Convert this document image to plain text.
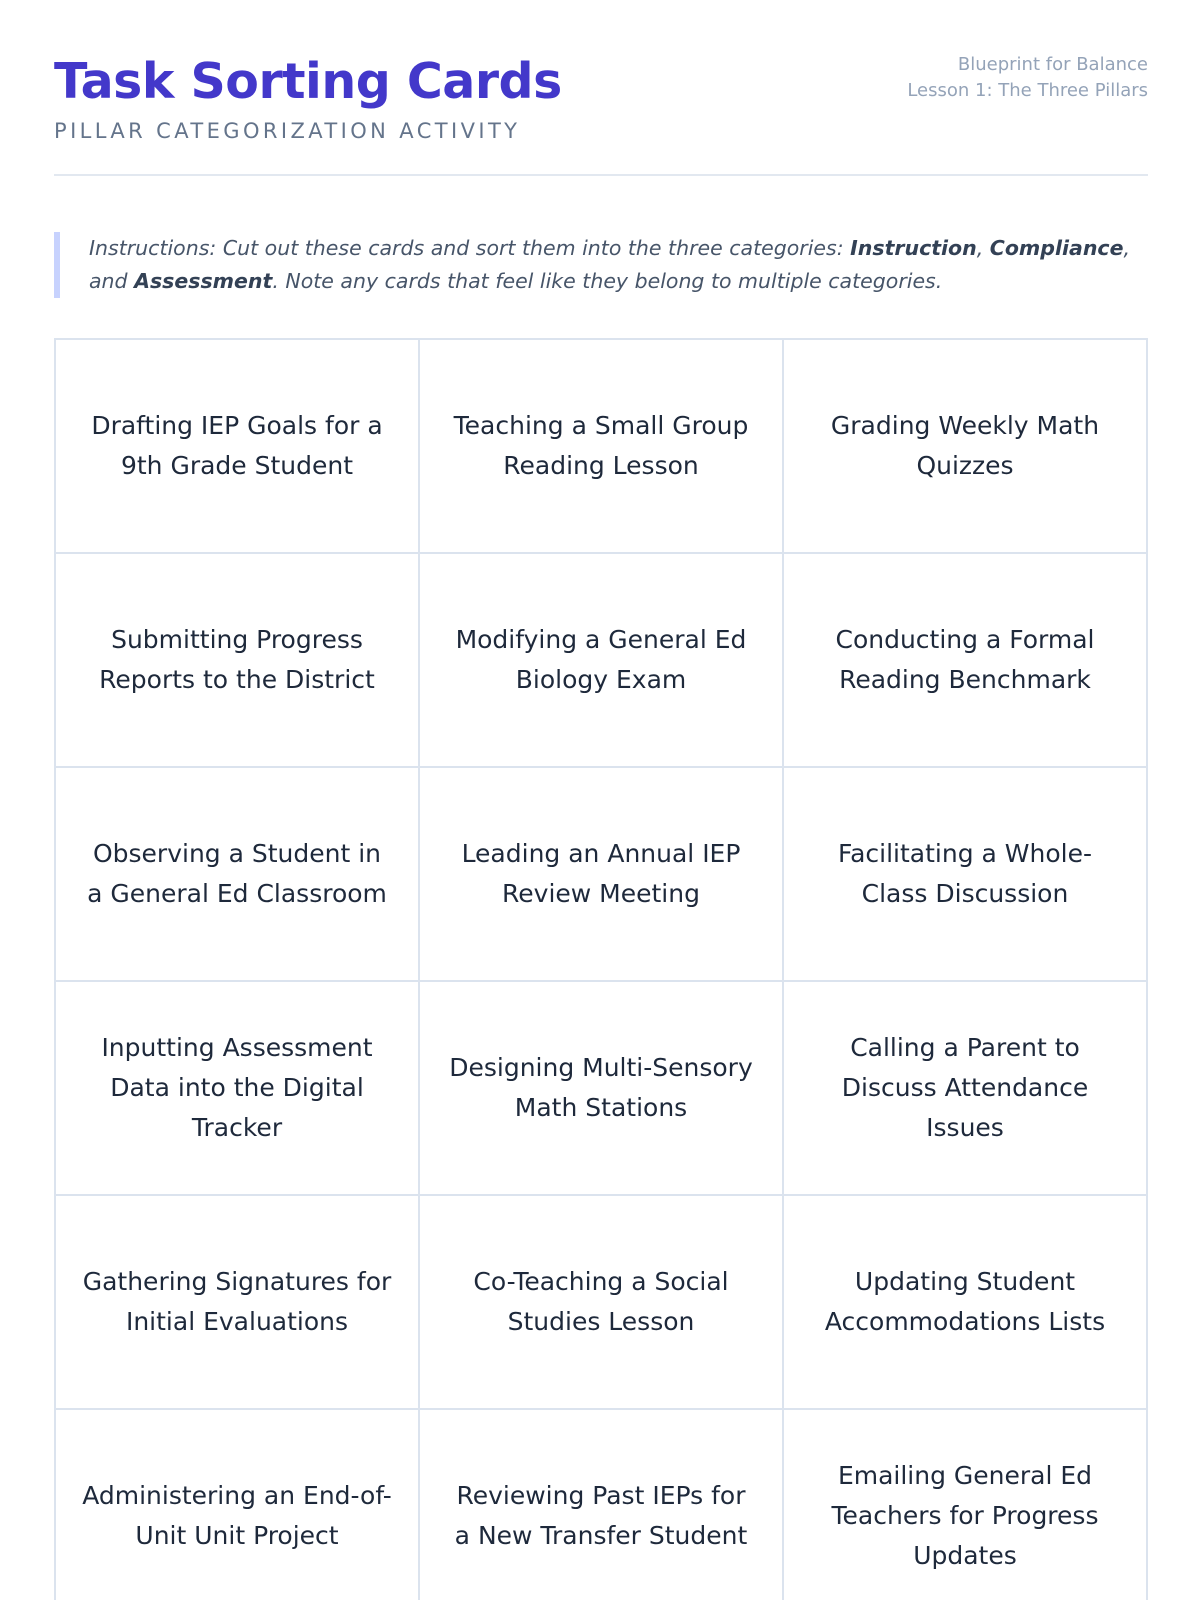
Task Sorting Cards
PILLAR CATEGORIZATION ACTIVITY
Blueprint for Balance
Lesson 1: The Three Pillars
Instructions: Cut out these cards and sort them into the three categories: Instruction, Compliance, and Assessment. Note any cards that feel like they belong to multiple categories.
Drafting IEP Goals for a 9th Grade Student
Teaching a Small Group Reading Lesson
Grading Weekly Math Quizzes
Submitting Progress Reports to the District
Modifying a General Ed Biology Exam
Conducting a Formal Reading Benchmark
Observing a Student in a General Ed Classroom
Leading an Annual IEP Review Meeting
Facilitating a Whole-Class Discussion
Inputting Assessment Data into the Digital Tracker
Designing Multi-Sensory Math Stations
Calling a Parent to Discuss Attendance Issues
Gathering Signatures for Initial Evaluations
Co-Teaching a Social Studies Lesson
Updating Student Accommodations Lists
Administering an End-of-Unit Unit Project
Reviewing Past IEPs for a New Transfer Student
Emailing General Ed Teachers for Progress Updates
